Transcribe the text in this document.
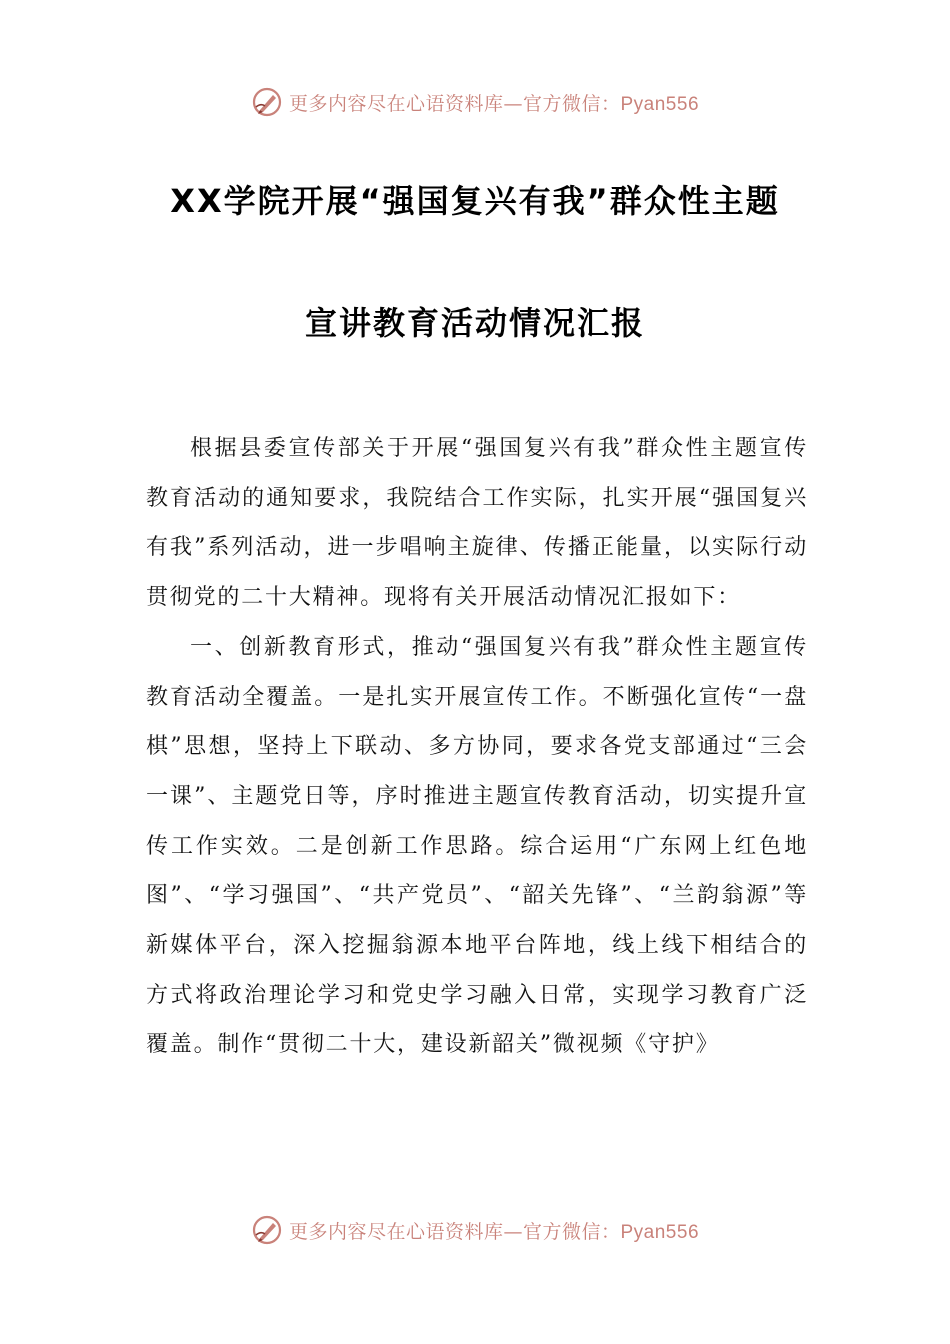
更多内容尽在心语资料库—官方微信：Pyan556
XX学院开展“强国复兴有我”群众性主题
宣讲教育活动情况汇报

根据县委宣传部关于开展“强国复兴有我”群众性主题宣传教育活动的通知要求，我院结合工作实际，扎实开展“强国复兴有我”系列活动，进一步唱响主旋律、传播正能量，以实际行动贯彻党的二十大精神。现将有关开展活动情况汇报如下：

一、创新教育形式，推动“强国复兴有我”群众性主题宣传教育活动全覆盖。一是扎实开展宣传工作。不断强化宣传“一盘棋”思想，坚持上下联动、多方协同，要求各党支部通过“三会一课”、主题党日等，序时推进主题宣传教育活动，切实提升宣传工作实效。二是创新工作思路。综合运用“广东网上红色地图”、“学习强国”、“共产党员”、“韶关先锋”、“兰韵翁源”等新媒体平台，深入挖掘翁源本地平台阵地，线上线下相结合的方式将政治理论学习和党史学习融入日常，实现学习教育广泛覆盖。制作“贯彻二十大，建设新韶关”微视频《守护》

更多内容尽在心语资料库—官方微信：Pyan556
